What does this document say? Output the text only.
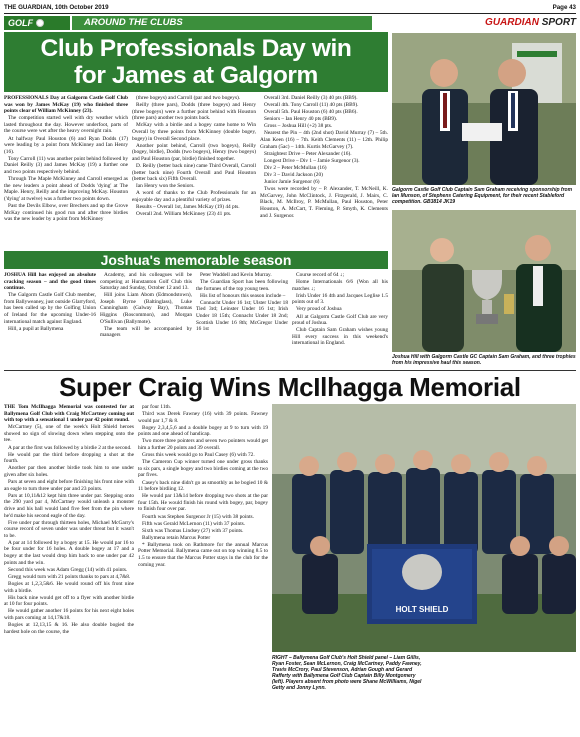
THE GUARDIAN, 10th October 2019	Page 43
GOLF	AROUND THE CLUBS	GUARDIAN SPORT
Club Professionals Day win
for James at Galgorm

PROFESSIONALS Day at Galgorm Castle Golf Club was won by James McKay (19) who finished three points clear of William McKinney (23).

The competition started well with dry weather which lasted throughout the day. However underfoot, parts of the course were wet after the heavy overnight rain.

At halfway Paul Houston (6) and Ryan Dodds (17) were leading by a point from McKinney and Ian Henry (16).

Tony Carroll (11) was another point behind followed by Daniel Reilly (3) and James McKay (19) a further one and two points respectively behind.

Through The Maple McKinney and Carroll emerged as the new leaders a point ahead of Dodds 'dying' at The Maple. Henry, Reilly and the improving McKay. Houston ('dying' at twelve) was a further two points down.

Past the Devils Elbow, over Brechers and up the Grove McKay continued his good run and after three birdies was the new leader by a point from McKinney

(three bogeys) and Carroll (par and two bogeys).

Reilly (three pars), Dodds (three bogeys) and Henry (three bogeys) were a further point behind with Houston (three pars) another two points back.

McKay with a birdie and a bogey came home to Win Overall by three points from McKinney (double bogey, bogey) in Overall Second place.

Another point behind, Carroll (two bogeys), Reilly (bogey, birdie), Dodds (two bogeys), Henry (two bogeys) and Paul Houston (par, birdie) finished together.

D. Reilly (better back nine) came Third Overall, Carroll (better back nine) Fourth Overall and Paul Houston (better back six) Fifth Overall.

Ian Henry won the Seniors.

A word of thanks to the Club Professionals for an enjoyable day and a plentiful variety of prizes.

Results – Overall 1st, James McKay (19) 44 pts.

Overall 2nd. William McKinney (23) 41 pts.

Overall 3rd. Daniel Reilly (3) 40 pts (BB9).

Overall 4th. Tony Carroll (11) 40 pts (BB9).

Overall 5th. Paul Houston (6) 40 pts (BB6).

Seniors – Ian Henry 40 pts (BB9).

Gross – Joshua Hill (+2) 38 pts.

Nearest the Pin – 4th (2nd shot) David Murray (7) – 5th. Alan Keen (16) – 7th. Keith Clements (11) – 12th. Philip Graham (5ac) – 14th. Kurtis McGarvey (7).

Straightest Drive – Peter Alexander (16).

Longest Drive – Div 1 – Jamie Surgenor (3).

Div 2 – Peter McMullan (16)

Div 3 – David Jackson (20)

Junior Jamie Surgenor (6)

Twos were recorded by – P. Alexander, T. McNeill, K. McGarvey, John McClintock, J. Fitzgerald, J. Mairs, C. Black, M. McIlroy, P. McMullan, Paul Houston, Peter Houston, A. McCart, T. Fleming, P. Smyth, K. Clements and J. Surgenor.

Galgorm Castle Golf Club Captain Sam Graham receiving sponsorship from Ian Munson, of Stephens Catering Equipment, for their recent Stableford competition. GB3814 JK19
Joshua's memorable season

JOSHUA Hill has enjoyed an absolute cracking season – and the good times continue.

The Galgorm Castle Golf Club member, from Ballyweaney, just outside Glarryford, has been called up by the Golfing Union of Ireland for the upcoming Under-16 international match against England.

Hill, a pupil at Ballymena

Academy, and his colleagues will be competing at Hunstanton Golf Club this Saturday and Sunday, October 12 and 13.

Hill joins Liam Abom (Edmondstown), Joseph Byrne (Baltinglass), Luke Cunningham (Galway Bay), Thomas Higgins (Roscommon), and Morgan O'Sullivan (Ballymote).

The team will be accompanied by managers

Peter Waddell and Kevin Murray.

The Guardian Sport has been following the fortunes of the top young teen.

His list of honours this season include –

Connacht Under 16 1st; Ulster Under 18 Tied 3rd; Leinster Under 16 1st; Irish Under 18 15th; Connacht Under 18 2nd; Scottish Under 16 8th; McGregor Under 16 1st

Course record of 64 ↓;

Home Internationals 6/6 (Won all his matches ↓;

Irish Under 16 4th and Jacques Leglise 1.5 points out of 3.

Very proud of Joshua

All at Galgorm Castle Golf Club are very proud of Joshua.

Club Captain Sam Graham wishes young Hill every success in this weekend's international in England.

Joshua Hill with Galgorm Castle GC Captain Sam Graham, and three trophies from his impressive haul this season.
Super Craig Wins McIlhagga Memorial

THE Tom McIlhagga Memorial was contested for at Ballymena Golf Club with Craig McCartney coming out with top with a sensational 1 under par 42 point round.

McCartney (5), one of the week's Holt Shield heroes showed no sign of slowing down when stepping onto the tee.

A par at the first was followed by a birdie 2 at the second.

He would par the third before dropping a shot at the fourth.

Another par then another birdie took him to one under given after six holes.

Pars at seven and eight before finishing his front nine with an eagle to turn three under par and 23 points.

Pars at 10,11&12 kept him three under par. Stepping onto the 290 yard par 4, McCartney would unleash a monster drive and his ball would land five feet from the pin where he'd make his second eagle of the day.

Five under par through thirteen holes, Michael McGarry's course record of seven under was under threat but it wasn't to be.

A par at 14 followed by a bogey at 15. He would par 16 to be four under for 16 holes. A double bogey at 17 and a bogey at the last would drop him back to one under par 42 points and the win.

Second this week was Adam Gregg (14) with 41 points.

Gregg would turn with 21 points thanks to pars at 4,7&8.

Bogies at 1,2,3,5&6. He would round off his front nine with a birdie.

His back nine would get off to a flyer with another birdie at 10 for four points.

He would gather another 16 points for his next eight holes with pars coming at 14,17&18.

Bogies at 12,13,15 & 16. He also double bogied the hardest hole on the course, the

par four 11th.

Third was Derek Fawney (16) with 39 points. Fawney would par 1,7 & 8.

Bogey 2,3,4,5,6 and a double bogey at 9 to turn with 19 points and one ahead of handicap.

Two more three pointers and seven two pointers would get him a further 20 points and 39 overall.

Gross this week would go to Paul Casey (6) with 72.

The Cameron Cup winner turned one under gross thanks to six pars, a single bogey and two birdies coming at the two par fives.

Casey's back nine didn't go as smoothly as he bogied 10 & 11 before birdiing 12.

He would par 13&14 before dropping two shots at the par four 15th. He would finish his round with bogey, par, bogey to finish four over par.

Fourth was Stephen Surgenor Jr (15) with 38 points.

Fifth was Gerald McLernon (11) with 37 points.

Sixth was Thomas Lindsey (27) with 37 points.

Ballymena retain Marcus Potter

* Ballymena took on Rathmore for the annual Marcus Potter Memorial. Ballymena came out on top winning 8.5 to 1.5 to ensure that the Marcus Potter stays in the club for the coming year.

HOLT SHIELD
RIGHT – Ballymena Golf Club's Holt Shield panel – Liam Gillis, Ryan Foster, Sean McLernon, Craig McCartney, Paddy Fawney, Travis McCrory, Paul Stevenson, Adrian Gough and Gerard Rafferty with Ballymena Golf Club Captain Billy Montgomery (left). Players absent from photo were Shane McWilliams, Nigel Getty and Jonny Lynn.
